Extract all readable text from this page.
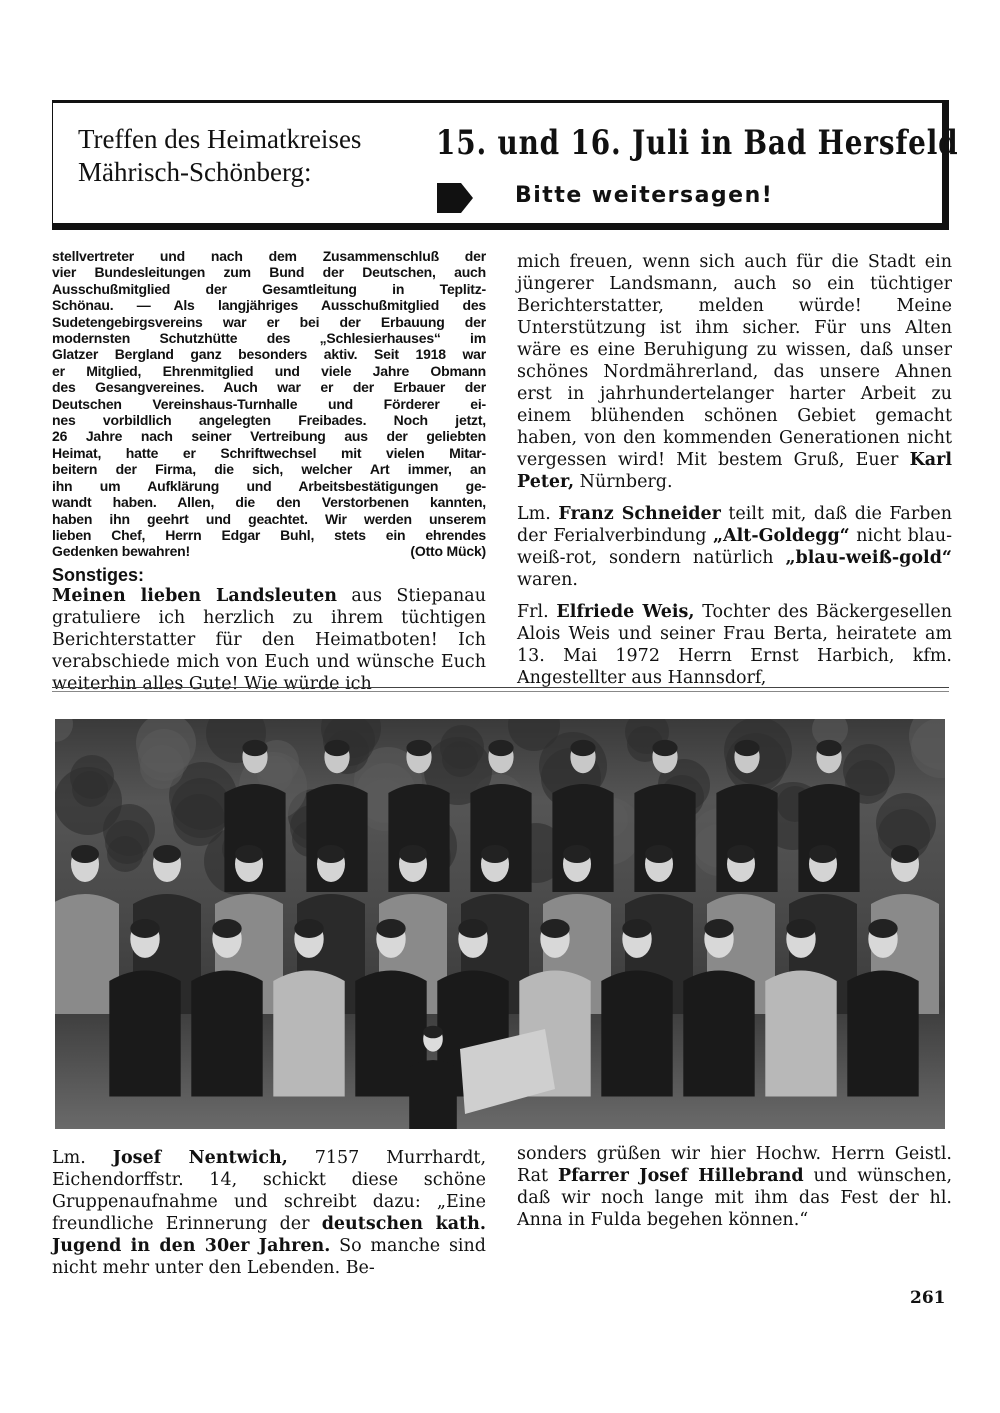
Treffen des Heimatkreises
Mährisch-Schönberg:
15. und 16. Juli in Bad Hersfeld
Bitte weitersagen!
stellvertreter und nach dem Zusammenschluß der
vier Bundesleitungen zum Bund der Deutschen, auch
Ausschußmitglied der Gesamtleitung in Teplitz-
Schönau. — Als langjähriges Ausschußmitglied des
Sudetengebirgsvereins war er bei der Erbauung der
modernsten Schutzhütte des „Schlesierhauses“ im
Glatzer Bergland ganz besonders aktiv. Seit 1918 war
er Mitglied, Ehrenmitglied und viele Jahre Obmann
des Gesangvereines. Auch war er der Erbauer der
Deutschen Vereinshaus-Turnhalle und Förderer ei-
nes vorbildlich angelegten Freibades. Noch jetzt,
26 Jahre nach seiner Vertreibung aus der geliebten
Heimat, hatte er Schriftwechsel mit vielen Mitar-
beitern der Firma, die sich, welcher Art immer, an
ihn um Aufklärung und Arbeitsbestätigungen ge-
wandt haben. Allen, die den Verstorbenen kannten,
haben ihn geehrt und geachtet. Wir werden unserem
lieben Chef, Herrn Edgar Buhl, stets ein ehrendes
Gedenken bewahren!	(Otto Mück)
Sonstiges:

Meinen lieben Landsleuten aus Stiepanau gratuliere ich herzlich zu ihrem tüchtigen Berichterstatter für den Heimatboten! Ich verabschiede mich von Euch und wünsche Euch weiterhin alles Gute! Wie würde ich

mich freuen, wenn sich auch für die Stadt ein jüngerer Landsmann, auch so ein tüchtiger Berichterstatter, melden würde! Meine Unterstützung ist ihm sicher. Für uns Alten wäre es eine Beruhigung zu wissen, daß unser schönes Nordmährerland, das unsere Ahnen erst in jahrhundertelanger harter Arbeit zu einem blühenden schönen Gebiet gemacht haben, von den kommenden Generationen nicht vergessen wird! Mit bestem Gruß, Euer Karl Peter, Nürnberg.

Lm. Franz Schneider teilt mit, daß die Farben der Ferialverbindung „Alt-Goldegg“ nicht blau-weiß-rot, sondern natürlich „blau-weiß-gold“ waren.

Frl. Elfriede Weis, Tochter des Bäckergesellen Alois Weis und seiner Frau Berta, heiratete am 13. Mai 1972 Herrn Ernst Harbich, kfm. Angestellter aus Hannsdorf,

Lm. Josef Nentwich, 7157 Murrhardt, Eichendorffstr. 14, schickt diese schöne Gruppenaufnahme und schreibt dazu: „Eine freundliche Erinnerung der deutschen kath. Jugend in den 30er Jahren. So manche sind nicht mehr unter den Lebenden. Be-

sonders grüßen wir hier Hochw. Herrn Geistl. Rat Pfarrer Josef Hillebrand und wünschen, daß wir noch lange mit ihm das Fest der hl. Anna in Fulda begehen können.“

261
